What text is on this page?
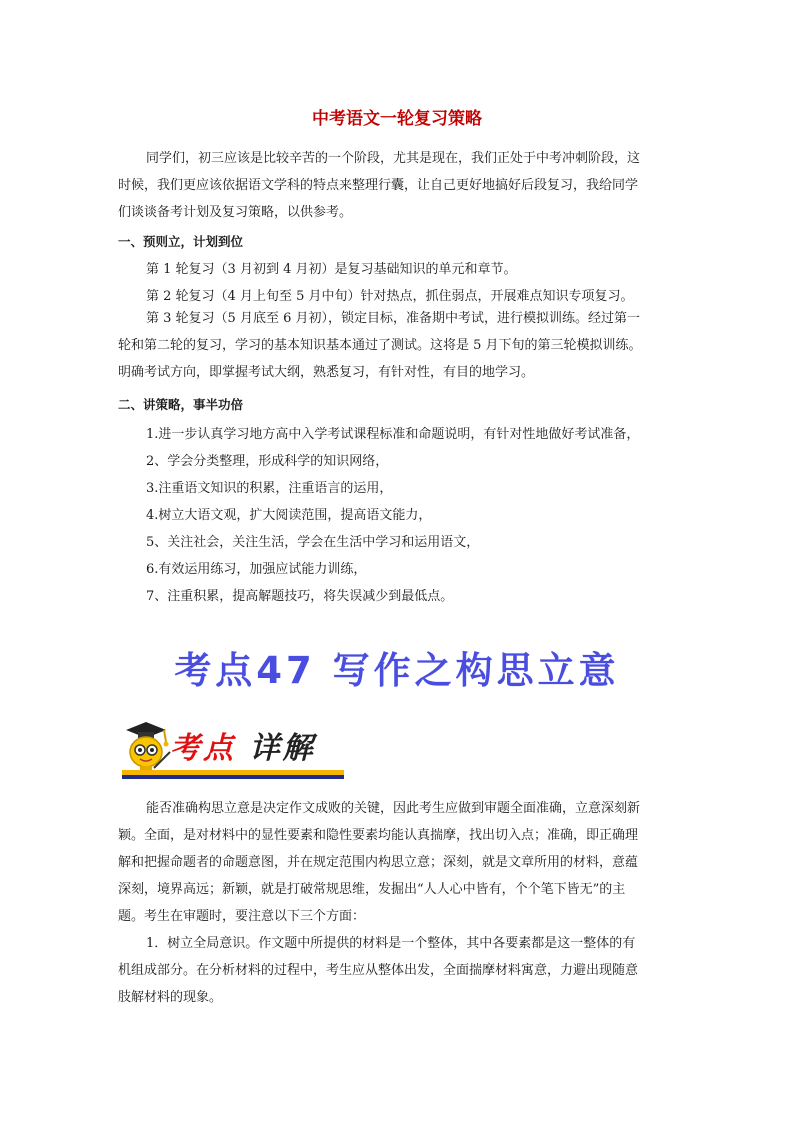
中考语文一轮复习策略
同学们，初三应该是比较辛苦的一个阶段，尤其是现在，我们正处于中考冲刺阶段，这
时候，我们更应该依据语文学科的特点来整理行囊，让自己更好地搞好后段复习，我给同学
们谈谈备考计划及复习策略，以供参考。
一、预则立，计划到位
第 1 轮复习（3 月初到 4 月初）是复习基础知识的单元和章节。
第 2 轮复习（4 月上旬至 5 月中旬）针对热点，抓住弱点，开展难点知识专项复习。
第 3 轮复习（5 月底至 6 月初），锁定目标，准备期中考试，进行模拟训练。经过第一
轮和第二轮的复习，学习的基本知识基本通过了测试。这将是 5 月下旬的第三轮模拟训练。
明确考试方向，即掌握考试大纲，熟悉复习，有针对性，有目的地学习。
二、讲策略，事半功倍
1.进一步认真学习地方高中入学考试课程标准和命题说明，有针对性地做好考试准备，
2、学会分类整理，形成科学的知识网络，
3.注重语文知识的积累，注重语言的运用，
4.树立大语文观，扩大阅读范围，提高语文能力，
5、关注社会，关注生活，学会在生活中学习和运用语文，
6.有效运用练习，加强应试能力训练，
7、注重积累，提高解题技巧，将失误减少到最低点。
考点47 写作之构思立意
考点 详解
能否准确构思立意是决定作文成败的关键，因此考生应做到审题全面准确，立意深刻新
颖。全面，是对材料中的显性要素和隐性要素均能认真揣摩，找出切入点；准确，即正确理
解和把握命题者的命题意图，并在规定范围内构思立意；深刻，就是文章所用的材料，意蕴
深刻，境界高远；新颖，就是打破常规思维，发掘出“人人心中皆有，个个笔下皆无”的主
题。考生在审题时，要注意以下三个方面：
1．树立全局意识。作文题中所提供的材料是一个整体，其中各要素都是这一整体的有
机组成部分。在分析材料的过程中，考生应从整体出发，全面揣摩材料寓意，力避出现随意
肢解材料的现象。
